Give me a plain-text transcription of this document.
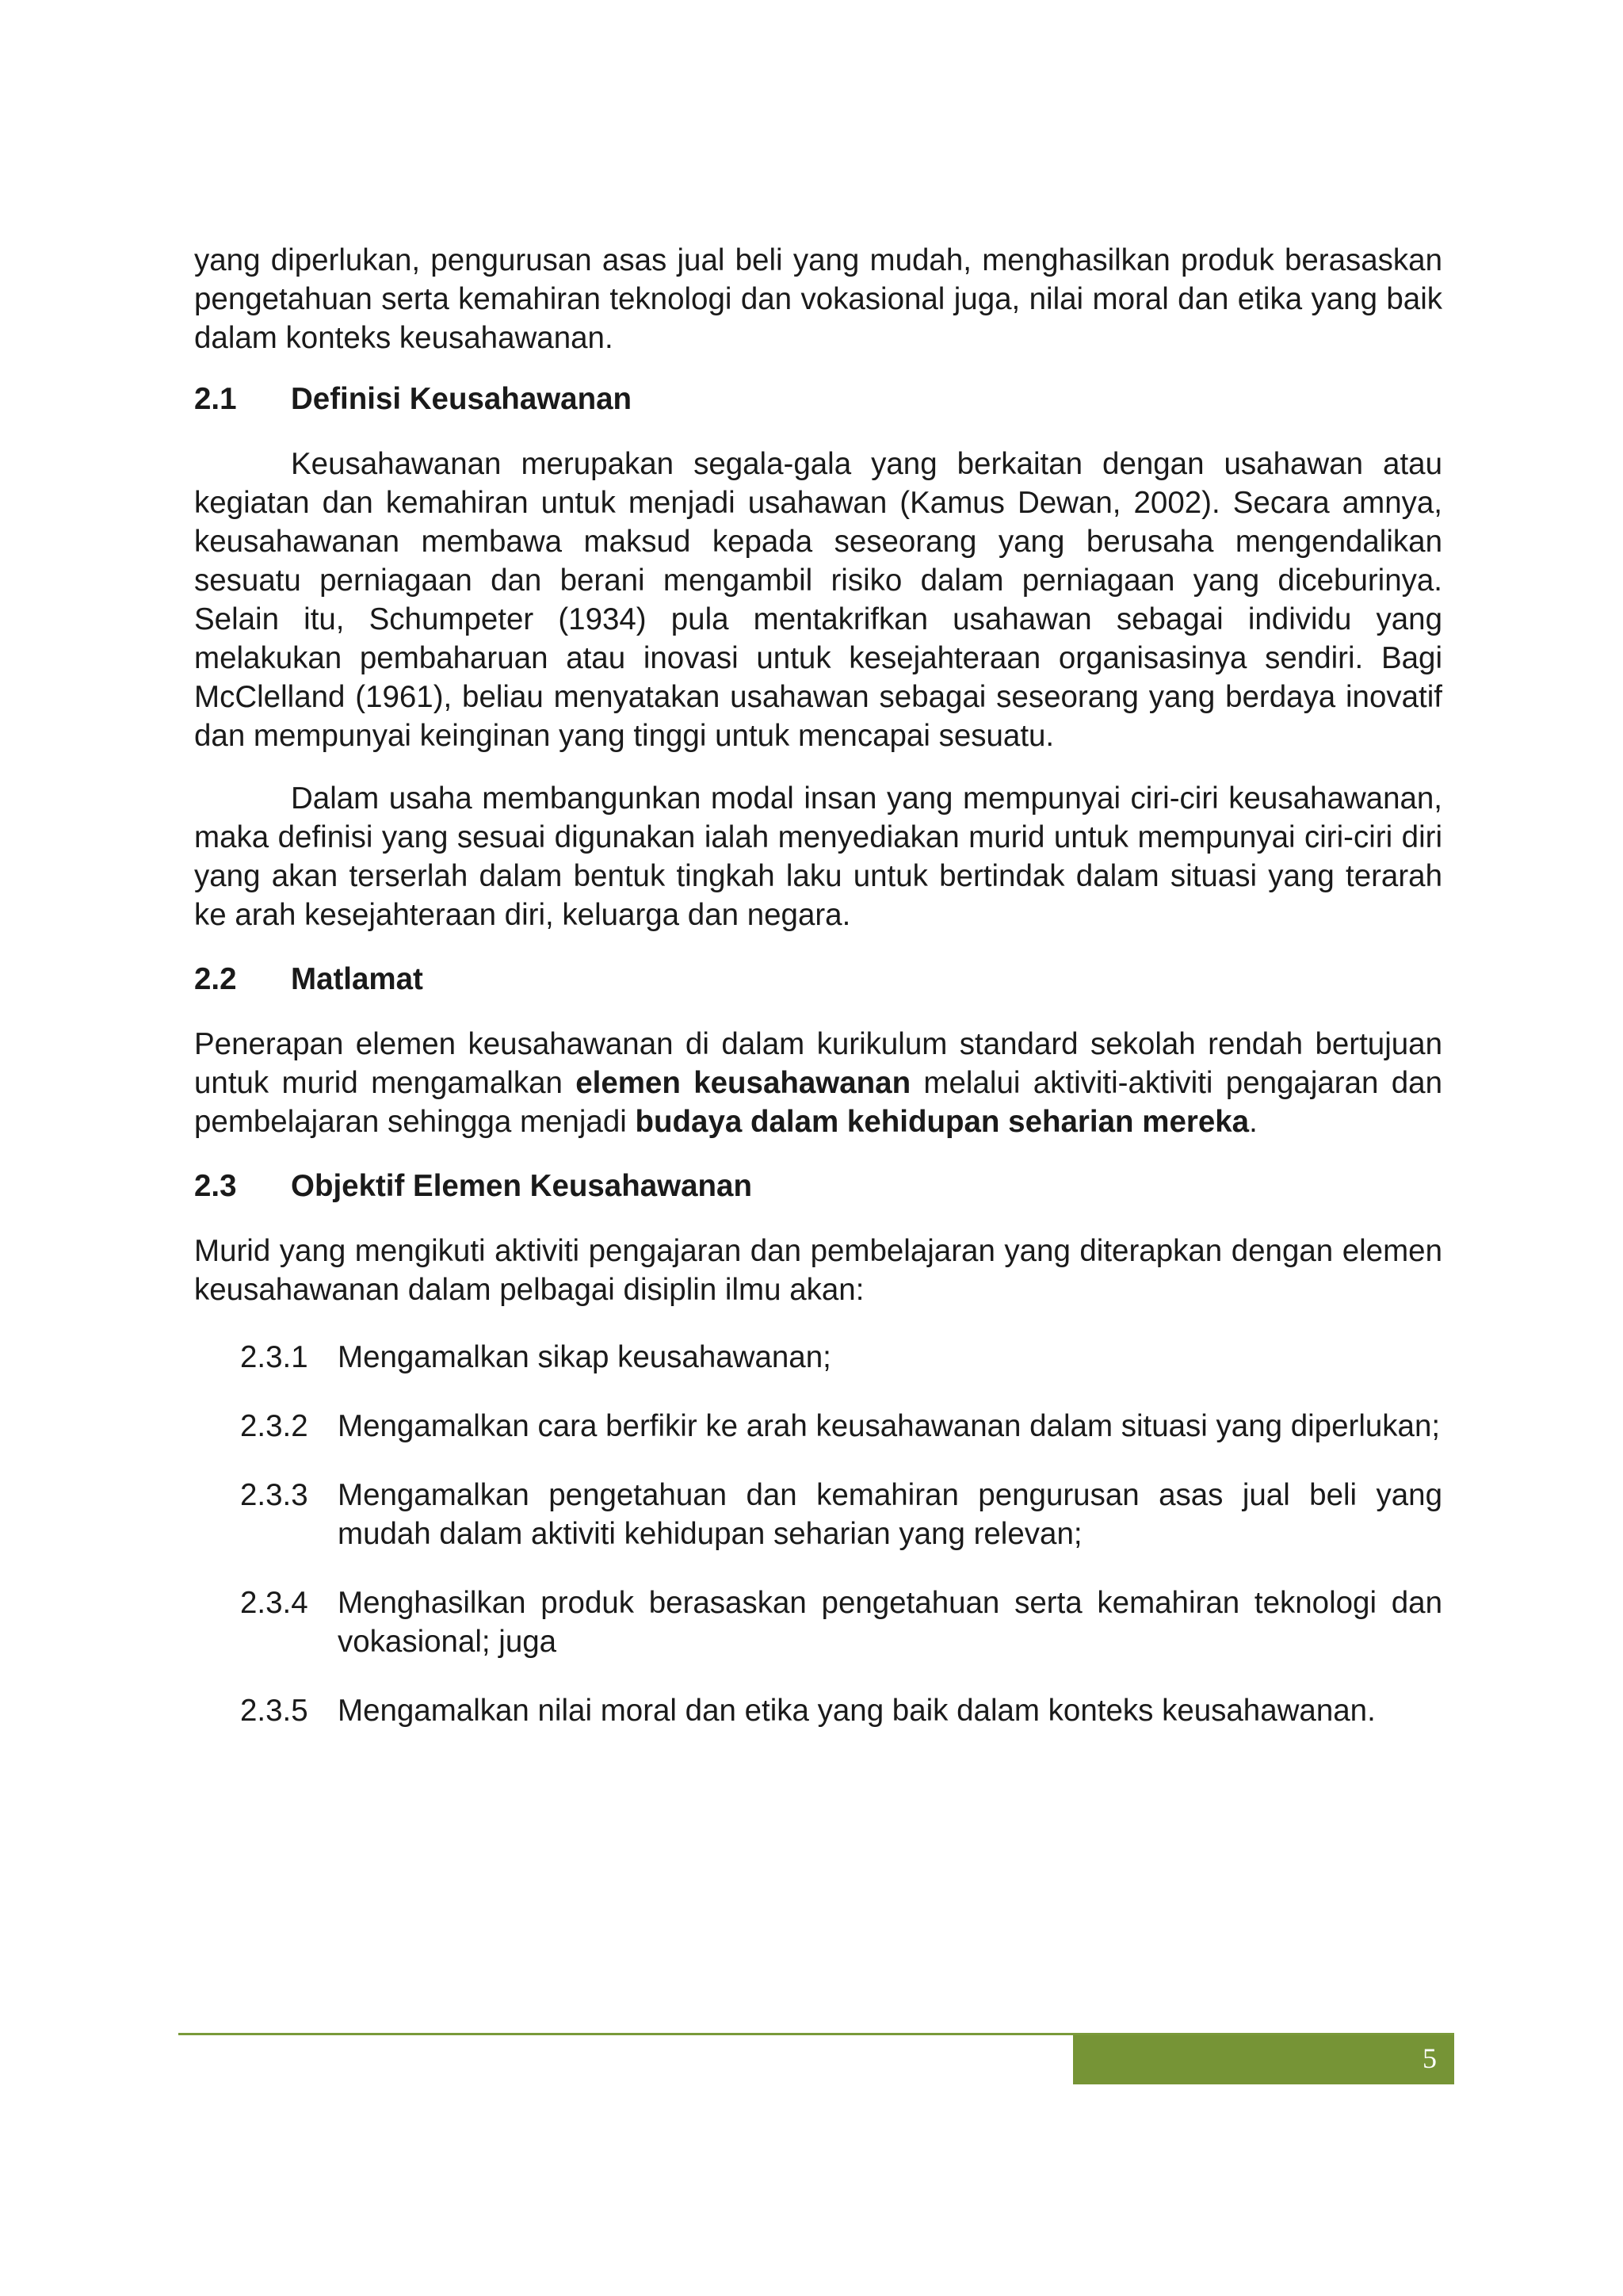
yang diperlukan, pengurusan asas jual beli yang mudah, menghasilkan produk berasaskan pengetahuan serta kemahiran teknologi dan vokasional juga, nilai moral dan etika yang baik dalam konteks keusahawanan.

2.1	Definisi Keusahawanan

Keusahawanan merupakan segala-gala yang berkaitan dengan usahawan atau kegiatan dan kemahiran untuk menjadi usahawan (Kamus Dewan, 2002). Secara amnya, keusahawanan membawa maksud kepada seseorang yang berusaha mengendalikan sesuatu perniagaan dan berani mengambil risiko dalam perniagaan yang diceburinya. Selain itu, Schumpeter (1934) pula mentakrifkan usahawan sebagai individu yang melakukan pembaharuan atau inovasi untuk kesejahteraan organisasinya sendiri. Bagi McClelland (1961), beliau menyatakan usahawan sebagai seseorang yang berdaya inovatif dan mempunyai keinginan yang tinggi untuk mencapai sesuatu.

Dalam usaha membangunkan modal insan yang mempunyai ciri-ciri keusahawanan, maka definisi yang sesuai digunakan ialah menyediakan murid untuk mempunyai ciri-ciri diri yang akan terserlah dalam bentuk tingkah laku untuk bertindak dalam situasi yang terarah ke arah kesejahteraan diri, keluarga dan negara.

2.2	Matlamat

Penerapan elemen keusahawanan di dalam kurikulum standard sekolah rendah bertujuan untuk murid mengamalkan elemen keusahawanan melalui aktiviti-aktiviti pengajaran dan pembelajaran sehingga menjadi budaya dalam kehidupan seharian mereka.

2.3	Objektif Elemen Keusahawanan

Murid yang mengikuti aktiviti pengajaran dan pembelajaran yang diterapkan dengan elemen keusahawanan dalam pelbagai disiplin ilmu akan:

2.3.1 Mengamalkan sikap keusahawanan;
2.3.2 Mengamalkan cara berfikir ke arah keusahawanan dalam situasi yang diperlukan;
2.3.3 Mengamalkan pengetahuan dan kemahiran pengurusan asas jual beli yang mudah dalam aktiviti kehidupan seharian yang relevan;
2.3.4 Menghasilkan produk berasaskan pengetahuan serta kemahiran teknologi dan vokasional; juga
2.3.5 Mengamalkan nilai moral dan etika yang baik dalam konteks keusahawanan.
5
